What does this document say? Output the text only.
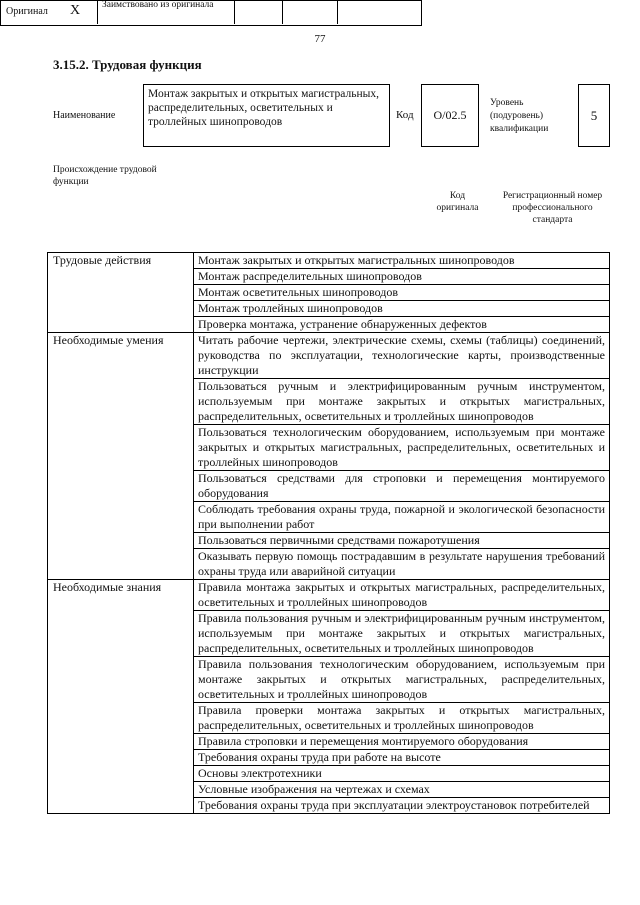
77
3.15.2. Трудовая функция
Наименование
Монтаж закрытых и открытых магистральных, распределительных, осветительных и троллейных шинопроводов
Код	О/02.5
Уровень (подуровень) квалификации
5
Происхождение трудовой функции
Оригинал X Заимствовано из оригинала
Код оригинала
Регистрационный номер профессионального стандарта
Трудовые действия	Монтаж закрытых и открытых магистральных шинопроводов
	Монтаж распределительных шинопроводов
	Монтаж осветительных шинопроводов
	Монтаж троллейных шинопроводов
	Проверка монтажа, устранение обнаруженных дефектов
Необходимые умения	Читать рабочие чертежи, электрические схемы, схемы (таблицы) соединений, руководства по эксплуатации, технологические карты, производственные инструкции
	Пользоваться ручным и электрифицированным ручным инструментом, используемым при монтаже закрытых и открытых магистральных, распределительных, осветительных и троллейных шинопроводов
	Пользоваться технологическим оборудованием, используемым при монтаже закрытых и открытых магистральных, распределительных, осветительных и троллейных шинопроводов
	Пользоваться средствами для строповки и перемещения монтируемого оборудования
	Соблюдать требования охраны труда, пожарной и экологической безопасности при выполнении работ
	Пользоваться первичными средствами пожаротушения
	Оказывать первую помощь пострадавшим в результате нарушения требований охраны труда или аварийной ситуации
Необходимые знания	Правила монтажа закрытых и открытых магистральных, распределительных, осветительных и троллейных шинопроводов
	Правила пользования ручным и электрифицированным ручным инструментом, используемым при монтаже закрытых и открытых магистральных, распределительных, осветительных и троллейных шинопроводов
	Правила пользования технологическим оборудованием, используемым при монтаже закрытых и открытых магистральных, распределительных, осветительных и троллейных шинопроводов
	Правила проверки монтажа закрытых и открытых магистральных, распределительных, осветительных и троллейных шинопроводов
	Правила строповки и перемещения монтируемого оборудования
	Требования охраны труда при работе на высоте
	Основы электротехники
	Условные изображения на чертежах и схемах
	Требования охраны труда при эксплуатации электроустановок потребителей
